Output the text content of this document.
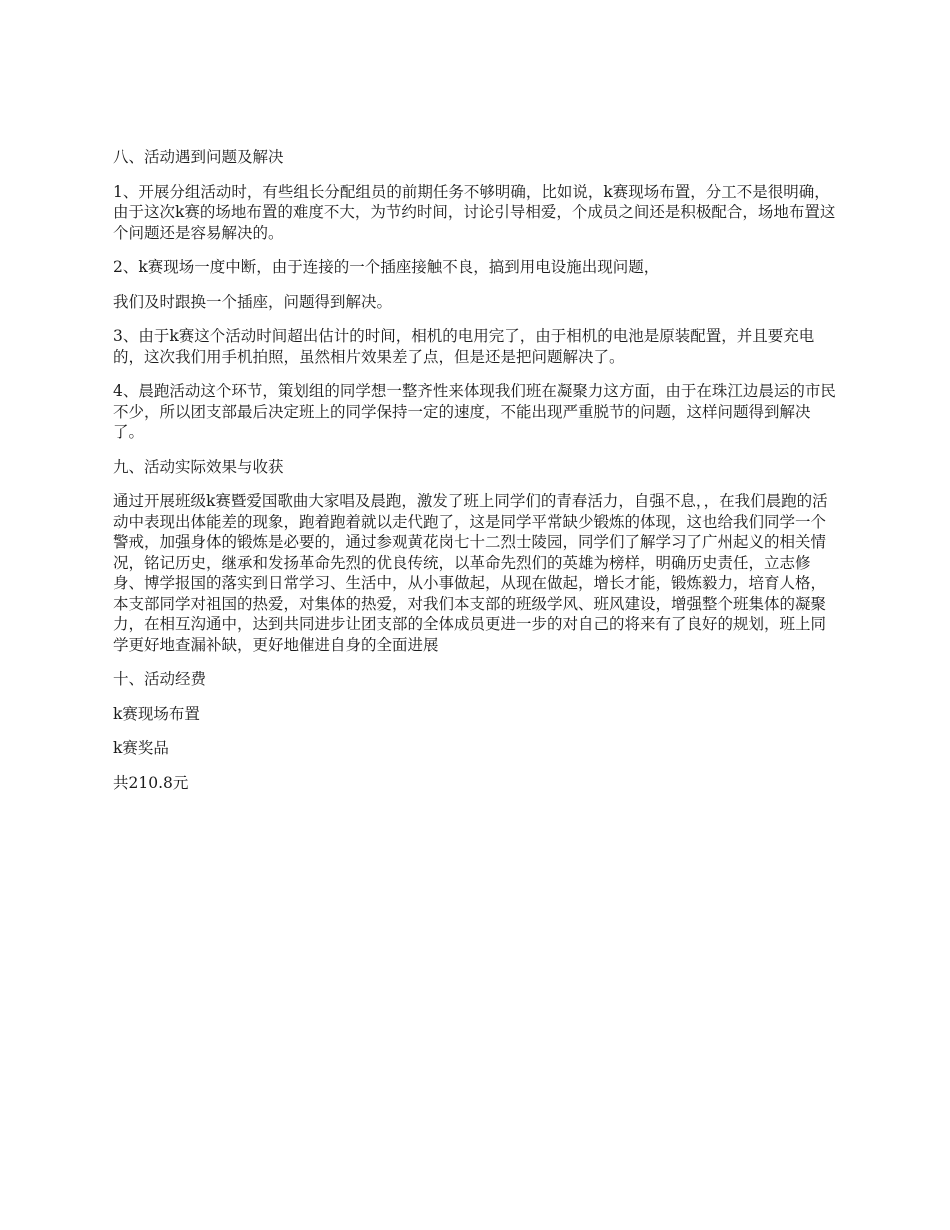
八、活动遇到问题及解决

1、开展分组活动时，有些组长分配组员的前期任务不够明确，比如说，k赛现场布置，分工不是很明确，由于这次k赛的场地布置的难度不大，为节约时间，讨论引导相爱，个成员之间还是积极配合，场地布置这个问题还是容易解决的。

2、k赛现场一度中断，由于连接的一个插座接触不良，搞到用电设施出现问题，

我们及时跟换一个插座，问题得到解决。

3、由于k赛这个活动时间超出估计的时间，相机的电用完了，由于相机的电池是原装配置，并且要充电的，这次我们用手机拍照，虽然相片效果差了点，但是还是把问题解决了。

4、晨跑活动这个环节，策划组的同学想一整齐性来体现我们班在凝聚力这方面，由于在珠江边晨运的市民不少，所以团支部最后决定班上的同学保持一定的速度，不能出现严重脱节的问题，这样问题得到解决了。

九、活动实际效果与收获

通过开展班级k赛暨爱国歌曲大家唱及晨跑，激发了班上同学们的青春活力，自强不息，，在我们晨跑的活动中表现出体能差的现象，跑着跑着就以走代跑了，这是同学平常缺少锻炼的体现，这也给我们同学一个警戒，加强身体的锻炼是必要的，通过参观黄花岗七十二烈士陵园，同学们了解学习了广州起义的相关情况，铭记历史，继承和发扬革命先烈的优良传统，以革命先烈们的英雄为榜样，明确历史责任，立志修身、博学报国的落实到日常学习、生活中，从小事做起，从现在做起，增长才能，锻炼毅力，培育人格，本支部同学对祖国的热爱，对集体的热爱，对我们本支部的班级学风、班风建设，增强整个班集体的凝聚力，在相互沟通中，达到共同进步让团支部的全体成员更进一步的对自己的将来有了良好的规划，班上同学更好地查漏补缺，更好地催进自身的全面进展

十、活动经费

k赛现场布置

k赛奖品

共210.8元
